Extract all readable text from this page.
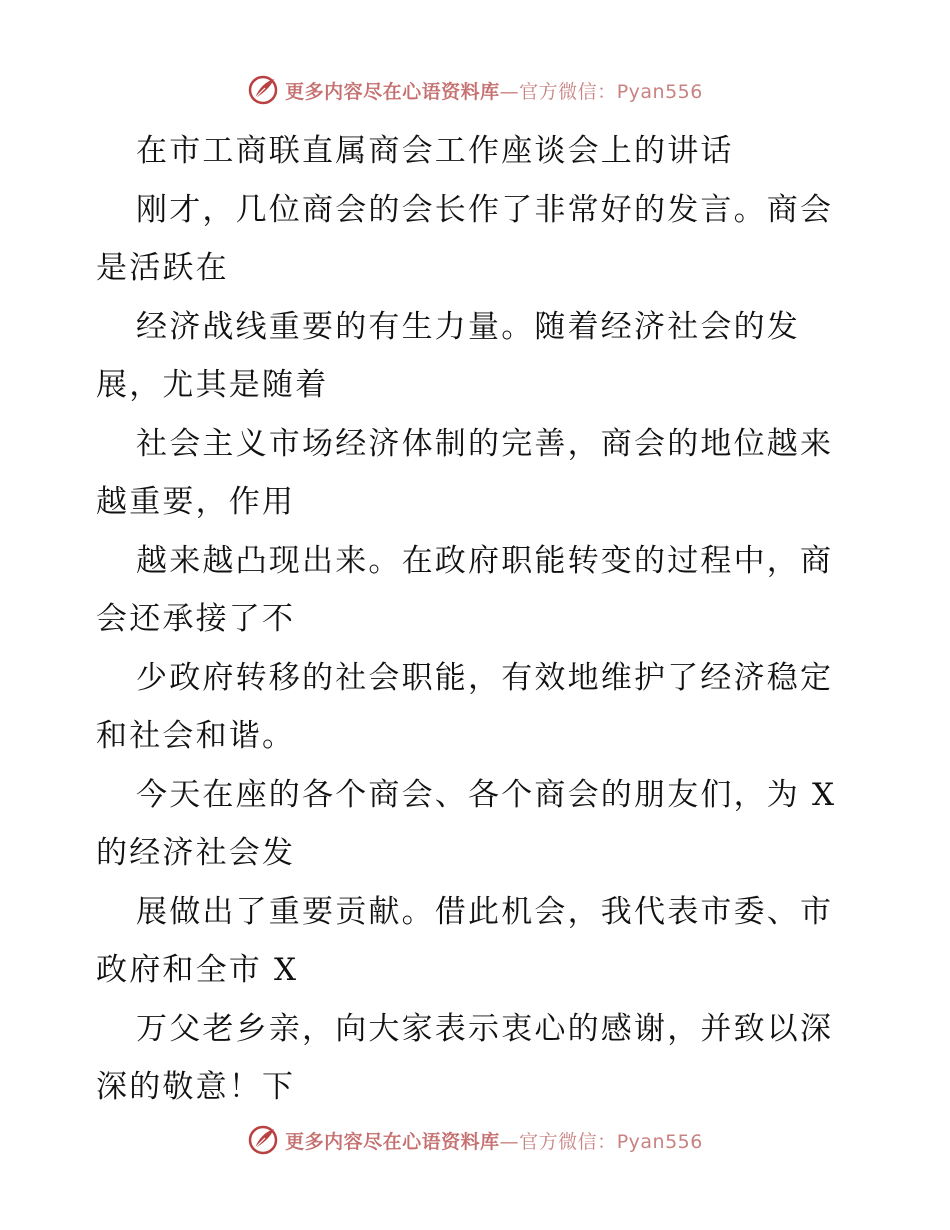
更多内容尽在心语资料库—官方微信：Pyan556
在市工商联直属商会工作座谈会上的讲话
刚才，几位商会的会长作了非常好的发言。商会
是活跃在
经济战线重要的有生力量。随着经济社会的发
展，尤其是随着
社会主义市场经济体制的完善，商会的地位越来
越重要，作用
越来越凸现出来。在政府职能转变的过程中，商
会还承接了不
少政府转移的社会职能，有效地维护了经济稳定
和社会和谐。
今天在座的各个商会、各个商会的朋友们，为 X
的经济社会发
展做出了重要贡献。借此机会，我代表市委、市
政府和全市 X
万父老乡亲，向大家表示衷心的感谢，并致以深
深的敬意！下
更多内容尽在心语资料库—官方微信：Pyan556
